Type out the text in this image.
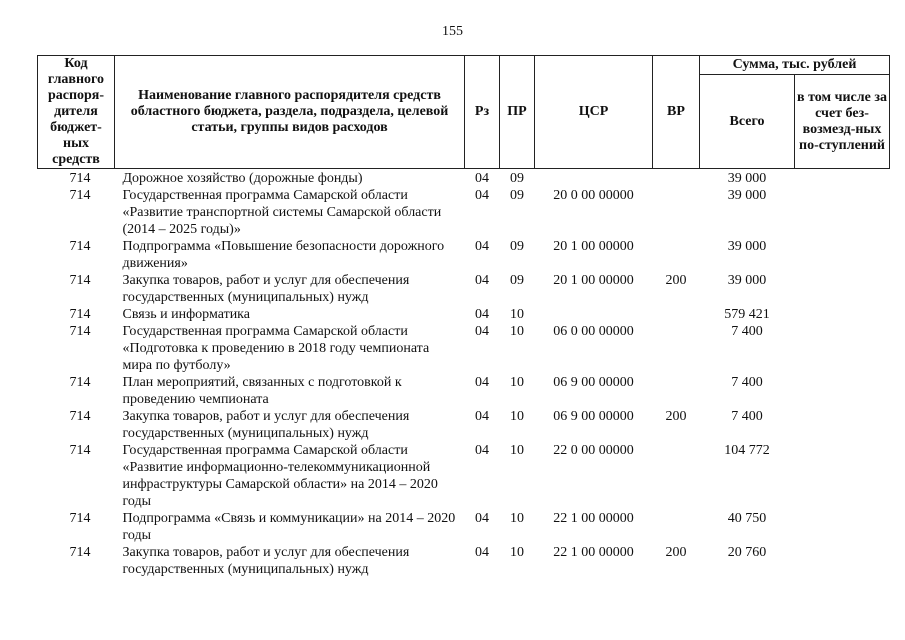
155
Код главного распоря-дителя бюджет-ных средств	Наименование главного распорядителя средств областного бюджета, раздела, подраздела, целевой статьи, группы видов расходов	Рз	ПР	ЦСР	ВР	Сумма, тыс. рублей	
						Всего	в том числе за счет без-возмезд-ных по-ступлений
714	Дорожное хозяйство (дорожные фонды)	04	09			39 000	
714	Государственная программа Самарской области «Развитие транспортной системы Самарской области (2014 – 2025 годы)»	04	09	20 0 00 00000		39 000	
714	Подпрограмма «Повышение безопасности дорожного движения»	04	09	20 1 00 00000		39 000	
714	Закупка товаров, работ и услуг для обеспечения государственных (муниципальных) нужд	04	09	20 1 00 00000	200	39 000	
714	Связь и информатика	04	10			579 421	
714	Государственная программа Самарской области «Подготовка к проведению в 2018 году чемпионата мира по футболу»	04	10	06 0 00 00000		7 400	
714	План мероприятий, связанных с подготовкой к проведению чемпионата	04	10	06 9 00 00000		7 400	
714	Закупка товаров, работ и услуг для обеспечения государственных (муниципальных) нужд	04	10	06 9 00 00000	200	7 400	
714	Государственная программа Самарской области «Развитие информационно-телекоммуникационной инфраструктуры Самарской области» на 2014 – 2020 годы	04	10	22 0 00 00000		104 772	
714	Подпрограмма «Связь и коммуникации» на 2014 – 2020 годы	04	10	22 1 00 00000		40 750	
714	Закупка товаров, работ и услуг для обеспечения государственных (муниципальных) нужд	04	10	22 1 00 00000	200	20 760	
